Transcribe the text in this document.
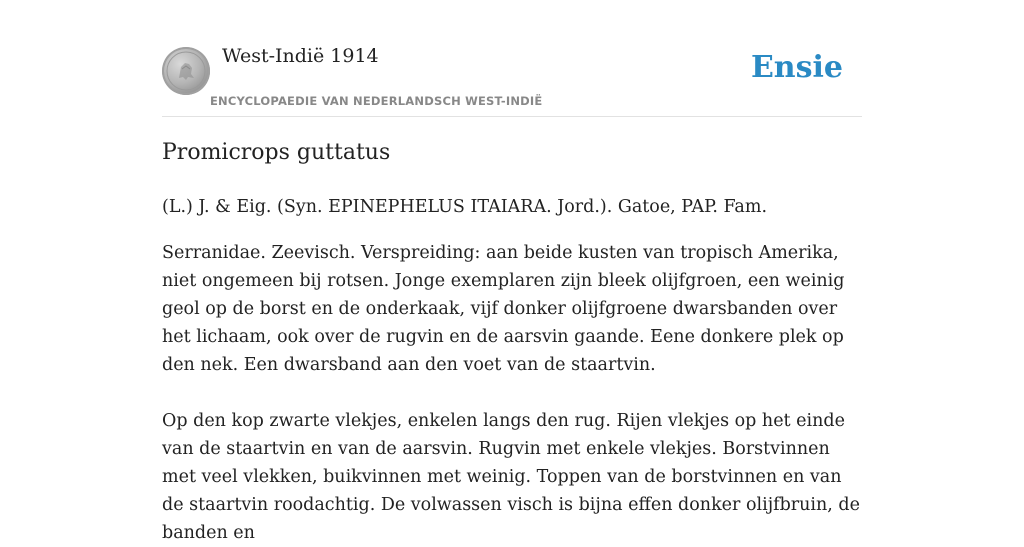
West-Indië 1914
ENCYCLOPAEDIE VAN NEDERLANDSCH WEST-INDIË
Ensie
Promicrops guttatus

(L.) J. & Eig. (Syn. EPINEPHELUS ITAIARA. Jord.). Gatoe, PAP. Fam.

Serranidae. Zeevisch. Verspreiding: aan beide kusten van tropisch Amerika, niet ongemeen bij rotsen. Jonge exemplaren zijn bleek olijfgroen, een weinig geol op de borst en de onderkaak, vijf donker olijfgroene dwarsbanden over het lichaam, ook over de rugvin en de aarsvin gaande. Eene donkere plek op den nek. Een dwarsband aan den voet van de staartvin.

Op den kop zwarte vlekjes, enkelen langs den rug. Rijen vlekjes op het einde van de staartvin en van de aarsvin. Rugvin met enkele vlekjes. Borstvinnen met veel vlekken, buikvinnen met weinig. Toppen van de borstvinnen en van de staartvin roodachtig. De volwassen visch is bijna effen donker olijfbruin, de banden en
